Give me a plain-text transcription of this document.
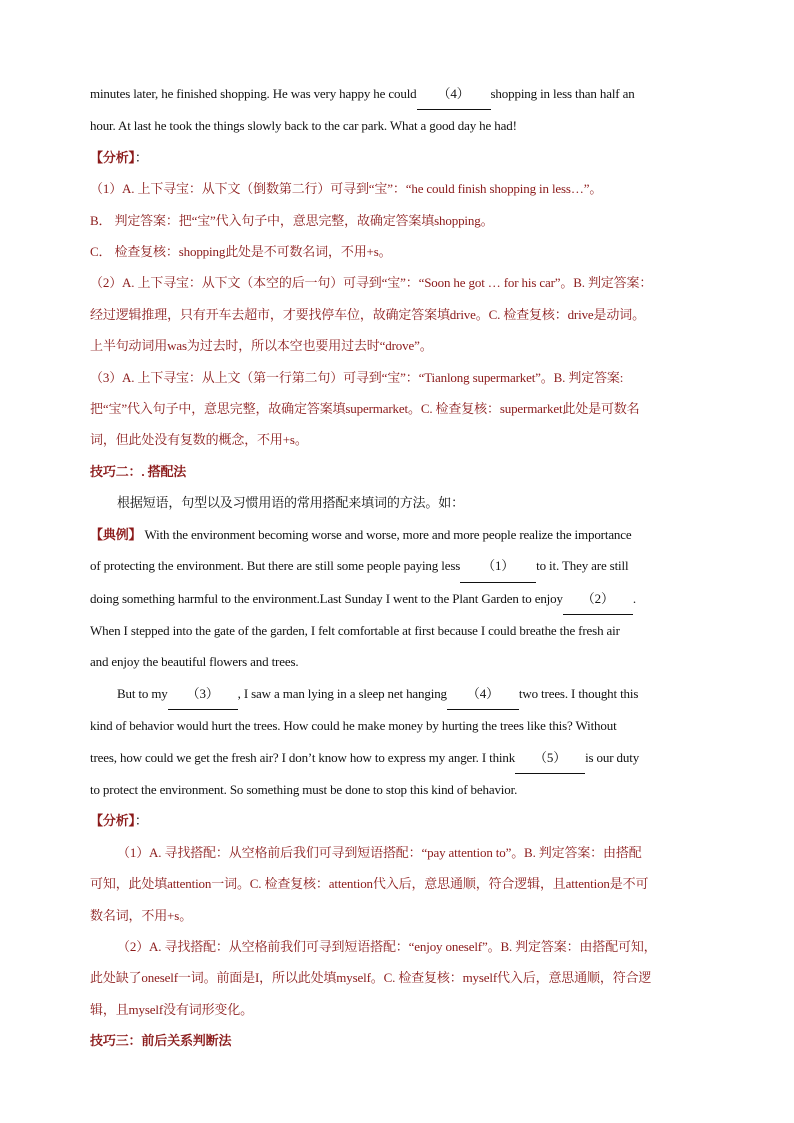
minutes later, he finished shopping. He was very happy he could （4） shopping in less than half an
hour. At last he took the things slowly back to the car park. What a good day he had!
【分析】：
（1）A. 上下寻宝：从下文（倒数第二行）可寻到“宝”：“he could finish shopping in less…”。
B． 判定答案：把“宝”代入句子中，意思完整，故确定答案填shopping。
C． 检查复核：shopping此处是不可数名词，不用+s。
（2）A. 上下寻宝：从下文（本空的后一句）可寻到“宝”：“Soon he got … for his car”。B. 判定答案：
经过逻辑推理，只有开车去超市，才要找停车位，故确定答案填drive。C. 检查复核：drive是动词。
上半句动词用was为过去时，所以本空也要用过去时“drove”。
（3）A. 上下寻宝：从上文（第一行第二句）可寻到“宝”：“Tianlong supermarket”。B. 判定答案:
把“宝”代入句子中，意思完整，故确定答案填supermarket。C. 检查复核：supermarket此处是可数名
词，但此处没有复数的概念，不用+s。
技巧二：. 搭配法
根据短语，句型以及习惯用语的常用搭配来填词的方法。如：
【典例】 With the environment becoming worse and worse, more and more people realize the importance
of protecting the environment. But there are still some people paying less （1） to it. They are still
doing something harmful to the environment.Last Sunday I went to the Plant Garden to enjoy （2） .
When I stepped into the gate of the garden, I felt comfortable at first because I could breathe the fresh air
and enjoy the beautiful flowers and trees.
But to my （3） , I saw a man lying in a sleep net hanging （4） two trees. I thought this
kind of behavior would hurt the trees. How could he make money by hurting the trees like this? Without
trees, how could we get the fresh air? I don’t know how to express my anger. I think （5） is our duty
to protect the environment. So something must be done to stop this kind of behavior.
【分析】：
（1）A. 寻找搭配：从空格前后我们可寻到短语搭配：“pay attention to”。B. 判定答案：由搭配
可知，此处填attention一词。C. 检查复核：attention代入后，意思通顺，符合逻辑，且attention是不可
数名词，不用+s。
（2）A. 寻找搭配：从空格前我们可寻到短语搭配：“enjoy oneself”。B. 判定答案：由搭配可知，
此处缺了oneself一词。前面是I，所以此处填myself。C. 检查复核：myself代入后，意思通顺，符合逻
辑，且myself没有词形变化。
技巧三：前后关系判断法
